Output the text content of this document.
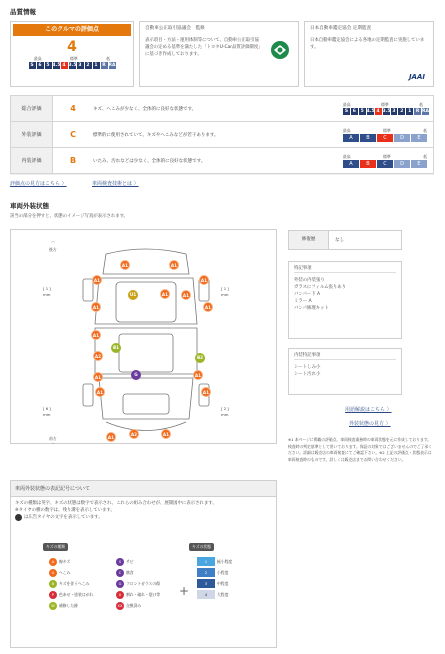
品質情報
このクルマの評価点
4
最高	標準	低
S	6	5 4.5 4 3.5 3	2	1	R RA
自動車公正取引協議会　監修
表示項目・方法・運用体制等について、自動車公正取引協議会の定める基準を満たした「トヨタU-Car品質評価制度」に基づき作成しております。
日本自動車鑑定協会 定期監査
日本自動車鑑定協会による各地の定期監査に実施しています。
JAAI
総合評価	4	キズ、へこみが少なく、全体的に良好な状態です。
最高	標準	低
S	6	5 4.5 4 3.5 3	2	1	R RA
外装評価	C	標準的に使用されていて、キズやへこみなどが若干あります。
最高	標準	低
A	B	C	D	E
内装評価	B	いたみ、汚れなどは少なく、全体的に良好な状態です。
最高	標準	低
A	B	C	D	E
評価点の見方はこちら 〉	車両検査技術とは 〉
車両外装状態
該当の部分を押すと、状態のイメージ写真が表示されます。
︿
後方
前方
﹀
[ 1 ]
mm
[ 1 ]
mm
[ 6 ]
mm
[ 2 ]
mm
A1	A1
A1	A1
U1	A1	A1
A1	A1
A1
B1
A2	B2
G
A1	A1
A1	A1
A2	A1
A1
修復歴	なし
特記事項
外装の内装張り
ガラスにフィルム張りあり
バンパー下 A
ミラー A
バンパ修理キット
内装特記事項
シートしみ小
シート汚れ小
用語解説はこちら 〉
外装状態の見方 〉
※1 本ページに掲載の評価点、車両検査業務時の車両状態を元に作成しております。検査時の判定基準として用いております。保証の対象ではございませんのでご了承ください。詳細は販売店の車両検査にてご確認下さい。※2 上記の評価点・状態表示は車両検査時のものです。詳しくは販売店までお問い合わせください。
車両外装状態の表記記号について
キズの種類は英字、キズの状態は数字で表示され、これらの組み合わせが、展開図中に表示されます。
※タイヤの横の数字は、残り溝を表示しています。
は広告タイヤの文字を表示しています。
キズの種類	キズの状態
A	線キズ
U	へこみ
B	キズを伴うへこみ
P	色あせ・塗装はがれ
W	補修した跡
S	サビ
C	腐食
G	フロントガラスの傷
X	割れ・破れ・裂け等
XX 交換済み
+
1	極小程度
2	小程度
3	中程度
4	大程度
